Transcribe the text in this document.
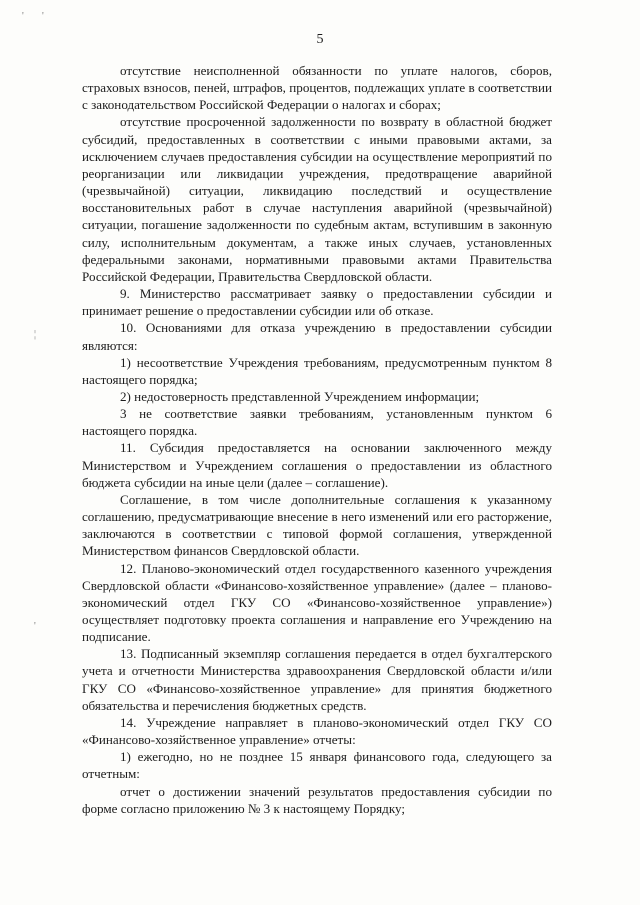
' '
¦
'
5

отсутствие неисполненной обязанности по уплате налогов, сборов, страховых взносов, пеней, штрафов, процентов, подлежащих уплате в соответствии с законодательством Российской Федерации о налогах и сборах;

отсутствие просроченной задолженности по возврату в областной бюджет субсидий, предоставленных в соответствии с иными правовыми актами, за исключением случаев предоставления субсидии на осуществление мероприятий по реорганизации или ликвидации учреждения, предотвращение аварийной (чрезвычайной) ситуации, ликвидацию последствий и осуществление восстановительных работ в случае наступления аварийной (чрезвычайной) ситуации, погашение задолженности по судебным актам, вступившим в законную силу, исполнительным документам, а также иных случаев, установленных федеральными законами, нормативными правовыми актами Правительства Российской Федерации, Правительства Свердловской области.

9. Министерство рассматривает заявку о предоставлении субсидии и принимает решение о предоставлении субсидии или об отказе.

10. Основаниями для отказа учреждению в предоставлении субсидии являются:

1) несоответствие Учреждения требованиям, предусмотренным пунктом 8 настоящего порядка;

2) недостоверность представленной Учреждением информации;

3 не соответствие заявки требованиям, установленным пунктом 6 настоящего порядка.

11. Субсидия предоставляется на основании заключенного между Министерством и Учреждением соглашения о предоставлении из областного бюджета субсидии на иные цели (далее – соглашение).

Соглашение, в том числе дополнительные соглашения к указанному соглашению, предусматривающие внесение в него изменений или его расторжение, заключаются в соответствии с типовой формой соглашения, утвержденной Министерством финансов Свердловской области.

12. Планово-экономический отдел государственного казенного учреждения Свердловской области «Финансово-хозяйственное управление» (далее – планово-экономический отдел ГКУ СО «Финансово-хозяйственное управление») осуществляет подготовку проекта соглашения и направление его Учреждению на подписание.

13. Подписанный экземпляр соглашения передается в отдел бухгалтерского учета и отчетности Министерства здравоохранения Свердловской области и/или ГКУ СО «Финансово-хозяйственное управление» для принятия бюджетного обязательства и перечисления бюджетных средств.

14. Учреждение направляет в планово-экономический отдел ГКУ СО «Финансово-хозяйственное управление» отчеты:

1) ежегодно, но не позднее 15 января финансового года, следующего за отчетным:

отчет о достижении значений результатов предоставления субсидии по форме согласно приложению № 3 к настоящему Порядку;
